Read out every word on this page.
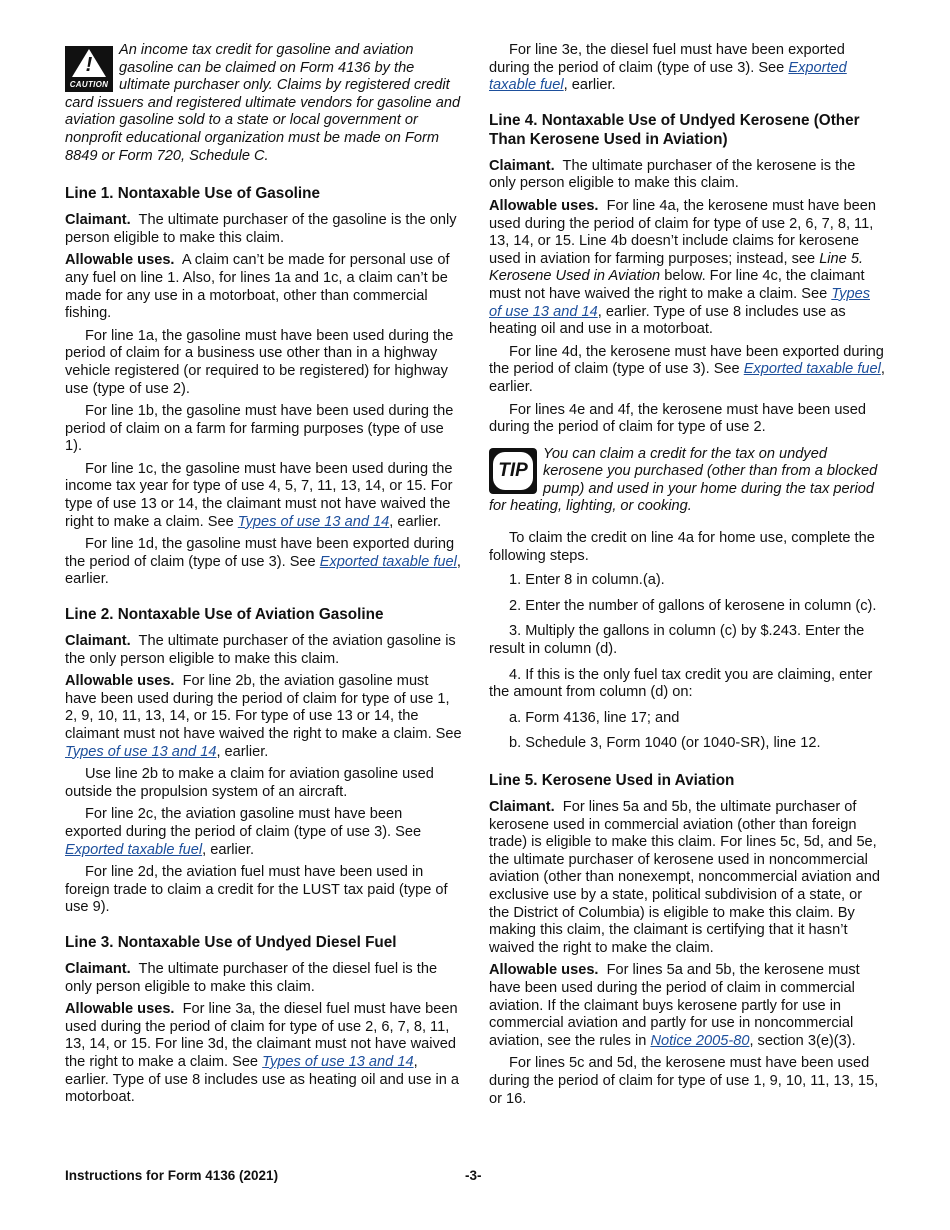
!
CAUTION
An income tax credit for gasoline and aviation gasoline can be claimed on Form 4136 by the ultimate purchaser only. Claims by registered credit card issuers and registered ultimate vendors for gasoline and aviation gasoline sold to a state or local government or nonprofit educational organization must be made on Form 8849 or Form 720, Schedule C.
Line 1. Nontaxable Use of Gasoline

Claimant. The ultimate purchaser of the gasoline is the only person eligible to make this claim.

Allowable uses. A claim can’t be made for personal use of any fuel on line 1. Also, for lines 1a and 1c, a claim can’t be made for any use in a motorboat, other than commercial fishing.

For line 1a, the gasoline must have been used during the period of claim for a business use other than in a highway vehicle registered (or required to be registered) for highway use (type of use 2).

For line 1b, the gasoline must have been used during the period of claim on a farm for farming purposes (type of use 1).

For line 1c, the gasoline must have been used during the income tax year for type of use 4, 5, 7, 11, 13, 14, or 15. For type of use 13 or 14, the claimant must not have waived the right to make a claim. See Types of use 13 and 14, earlier.

For line 1d, the gasoline must have been exported during the period of claim (type of use 3). See Exported taxable fuel, earlier.

Line 2. Nontaxable Use of Aviation Gasoline

Claimant. The ultimate purchaser of the aviation gasoline is the only person eligible to make this claim.

Allowable uses. For line 2b, the aviation gasoline must have been used during the period of claim for type of use 1, 2, 9, 10, 11, 13, 14, or 15. For type of use 13 or 14, the claimant must not have waived the right to make a claim. See Types of use 13 and 14, earlier.

Use line 2b to make a claim for aviation gasoline used outside the propulsion system of an aircraft.

For line 2c, the aviation gasoline must have been exported during the period of claim (type of use 3). See Exported taxable fuel, earlier.

For line 2d, the aviation fuel must have been used in foreign trade to claim a credit for the LUST tax paid (type of use 9).

Line 3. Nontaxable Use of Undyed Diesel Fuel

Claimant. The ultimate purchaser of the diesel fuel is the only person eligible to make this claim.

Allowable uses. For line 3a, the diesel fuel must have been used during the period of claim for type of use 2, 6, 7, 8, 11, 13, 14, or 15. For line 3d, the claimant must not have waived the right to make a claim. See Types of use 13 and 14, earlier. Type of use 8 includes use as heating oil and use in a motorboat.

For line 3e, the diesel fuel must have been exported during the period of claim (type of use 3). See Exported taxable fuel, earlier.

Line 4. Nontaxable Use of Undyed Kerosene (Other Than Kerosene Used in Aviation)

Claimant. The ultimate purchaser of the kerosene is the only person eligible to make this claim.

Allowable uses. For line 4a, the kerosene must have been used during the period of claim for type of use 2, 6, 7, 8, 11, 13, 14, or 15. Line 4b doesn’t include claims for kerosene used in aviation for farming purposes; instead, see Line 5. Kerosene Used in Aviation below. For line 4c, the claimant must not have waived the right to make a claim. See Types of use 13 and 14, earlier. Type of use 8 includes use as heating oil and use in a motorboat.

For line 4d, the kerosene must have been exported during the period of claim (type of use 3). See Exported taxable fuel, earlier.

For lines 4e and 4f, the kerosene must have been used during the period of claim for type of use 2.

TIP
You can claim a credit for the tax on undyed kerosene you purchased (other than from a blocked pump) and used in your home during the tax period for heating, lighting, or cooking.

To claim the credit on line 4a for home use, complete the following steps.

1. Enter 8 in column.(a).

2. Enter the number of gallons of kerosene in column (c).

3. Multiply the gallons in column (c) by $.243. Enter the result in column (d).

4. If this is the only fuel tax credit you are claiming, enter the amount from column (d) on:

a. Form 4136, line 17; and

b. Schedule 3, Form 1040 (or 1040-SR), line 12.

Line 5. Kerosene Used in Aviation

Claimant. For lines 5a and 5b, the ultimate purchaser of kerosene used in commercial aviation (other than foreign trade) is eligible to make this claim. For lines 5c, 5d, and 5e, the ultimate purchaser of kerosene used in noncommercial aviation (other than nonexempt, noncommercial aviation and exclusive use by a state, political subdivision of a state, or the District of Columbia) is eligible to make this claim. By making this claim, the claimant is certifying that it hasn’t waived the right to make the claim.

Allowable uses. For lines 5a and 5b, the kerosene must have been used during the period of claim in commercial aviation. If the claimant buys kerosene partly for use in commercial aviation and partly for use in noncommercial aviation, see the rules in Notice 2005-80, section 3(e)(3).

For lines 5c and 5d, the kerosene must have been used during the period of claim for type of use 1, 9, 10, 11, 13, 15, or 16.

Instructions for Form 4136 (2021)	-3-
